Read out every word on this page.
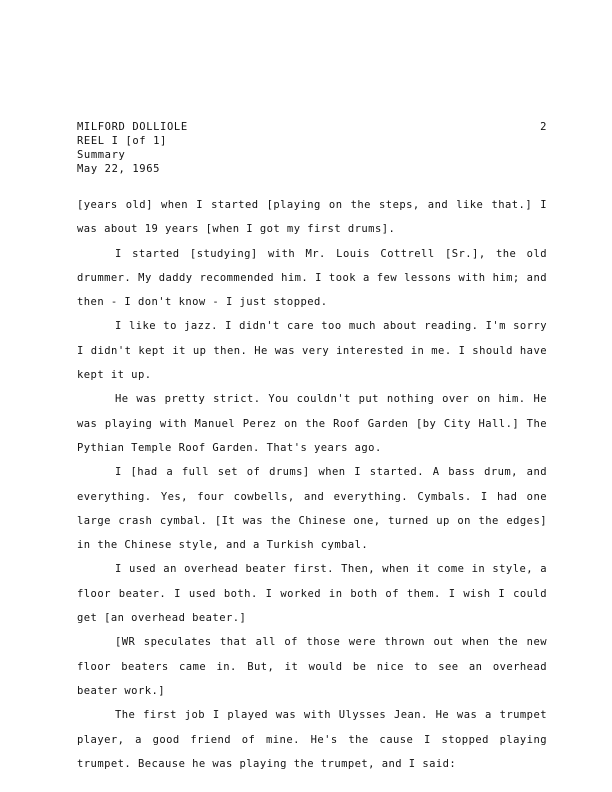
MILFORD DOLLIOLE
REEL I [of 1]
Summary
May 22, 1965
2

[years old] when I started [playing on the steps, and like that.] I was about 19 years [when I got my first drums].

I started [studying] with Mr. Louis Cottrell [Sr.], the old drummer. My daddy recommended him. I took a few lessons with him; and then - I don't know - I just stopped.

I like to jazz. I didn't care too much about reading. I'm sorry I didn't kept it up then. He was very interested in me. I should have kept it up.

He was pretty strict. You couldn't put nothing over on him. He was playing with Manuel Perez on the Roof Garden [by City Hall.] The Pythian Temple Roof Garden. That's years ago.

I [had a full set of drums] when I started. A bass drum, and everything. Yes, four cowbells, and everything. Cymbals. I had one large crash cymbal. [It was the Chinese one, turned up on the edges] in the Chinese style, and a Turkish cymbal.

I used an overhead beater first. Then, when it come in style, a floor beater. I used both. I worked in both of them. I wish I could get [an overhead beater.]

[WR speculates that all of those were thrown out when the new floor beaters came in. But, it would be nice to see an overhead beater work.]

The first job I played was with Ulysses Jean. He was a trumpet player, a good friend of mine. He's the cause I stopped playing trumpet. Because he was playing the trumpet, and I said:
